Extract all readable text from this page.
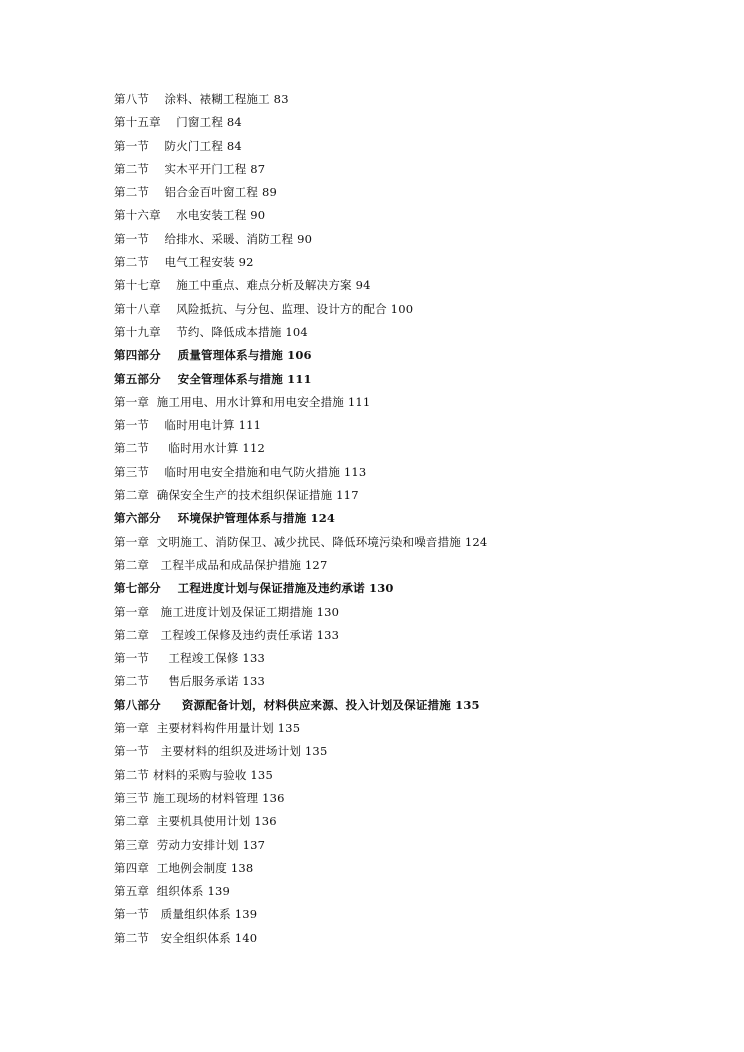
第八节    涂料、裱糊工程施工 83
第十五章    门窗工程 84
第一节    防火门工程 84
第二节    实木平开门工程 87
第二节    铝合金百叶窗工程 89
第十六章    水电安装工程 90
第一节    给排水、采暖、消防工程 90
第二节    电气工程安装 92
第十七章    施工中重点、难点分析及解决方案 94
第十八章    风险抵抗、与分包、监理、设计方的配合 100
第十九章    节约、降低成本措施 104
第四部分    质量管理体系与措施 106
第五部分    安全管理体系与措施 111
第一章  施工用电、用水计算和用电安全措施 111
第一节    临时用电计算 111
第二节     临时用水计算 112
第三节    临时用电安全措施和电气防火措施 113
第二章  确保安全生产的技术组织保证措施 117
第六部分    环境保护管理体系与措施 124
第一章  文明施工、消防保卫、减少扰民、降低环境污染和噪音措施 124
第二章   工程半成品和成品保护措施 127
第七部分    工程进度计划与保证措施及违约承诺 130
第一章   施工进度计划及保证工期措施 130
第二章   工程竣工保修及违约责任承诺 133
第一节     工程竣工保修 133
第二节     售后服务承诺 133
第八部分     资源配备计划，材料供应来源、投入计划及保证措施 135
第一章  主要材料构件用量计划 135
第一节   主要材料的组织及进场计划 135
第二节 材料的采购与验收 135
第三节 施工现场的材料管理 136
第二章  主要机具使用计划 136
第三章  劳动力安排计划 137
第四章  工地例会制度 138
第五章  组织体系 139
第一节   质量组织体系 139
第二节   安全组织体系 140
